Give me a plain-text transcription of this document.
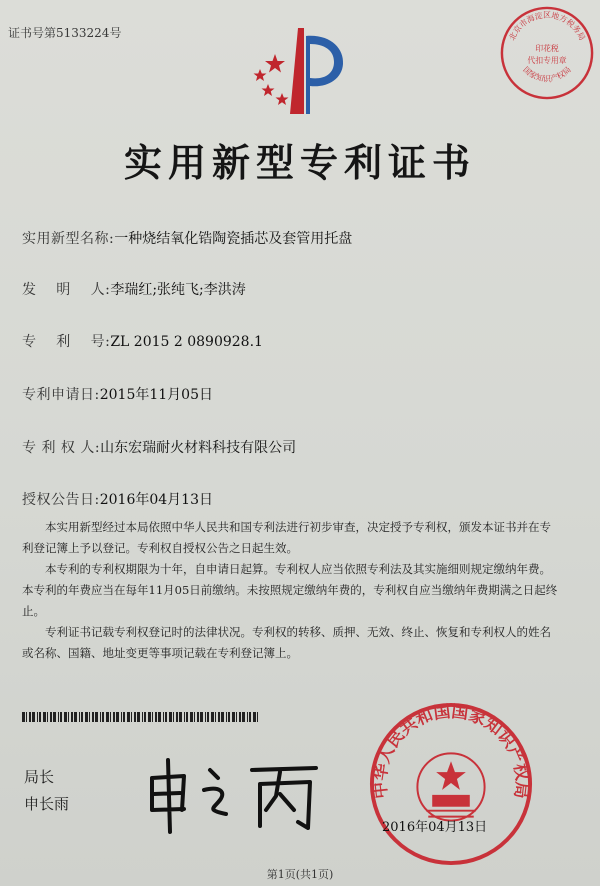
证书号第5133224号	北京市海淀区地方税务局
印花税
代扣专用章
国家知识产权局
实用新型专利证书
实用新型名称:一种烧结氧化锆陶瓷插芯及套管用托盘
发    明    人:李瑞红;张纯飞;李洪涛
专    利    号:ZL 2015 2 0890928.1
专利申请日:2015年11月05日
专 利 权 人:山东宏瑞耐火材料科技有限公司
授权公告日:2016年04月13日

本实用新型经过本局依照中华人民共和国专利法进行初步审查，决定授予专利权，颁发本证书并在专利登记簿上予以登记。专利权自授权公告之日起生效。

本专利的专利权期限为十年，自申请日起算。专利权人应当依照专利法及其实施细则规定缴纳年费。本专利的年费应当在每年11月05日前缴纳。未按照规定缴纳年费的，专利权自应当缴纳年费期满之日起终止。

专利证书记载专利权登记时的法律状况。专利权的转移、质押、无效、终止、恢复和专利权人的姓名或名称、国籍、地址变更等事项记载在专利登记簿上。

局长
申长雨
中华人民共和国国家知识产权局
2016年04月13日
第1页(共1页)
